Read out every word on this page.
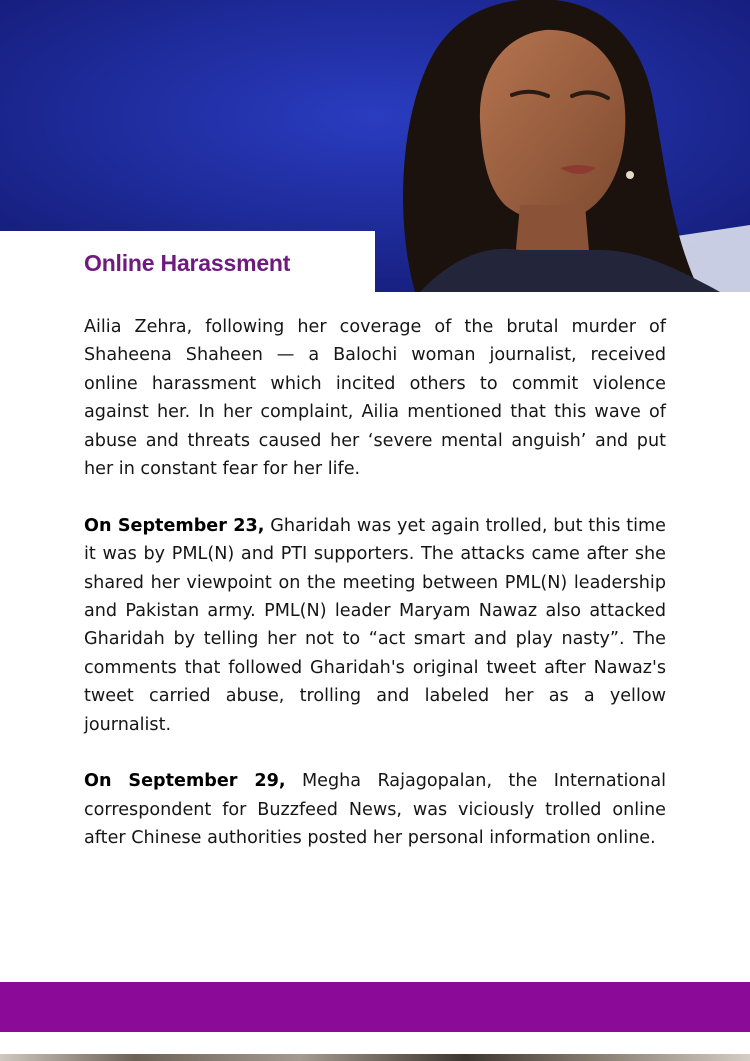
Online Harassment

Ailia Zehra, following her coverage of the brutal murder of Shaheena Shaheen — a Balochi woman journalist, received online harassment which incited others to commit violence against her. In her complaint, Ailia mentioned that this wave of abuse and threats caused her ‘severe mental anguish’ and put her in constant fear for her life.

On September 23, Gharidah was yet again trolled, but this time it was by PML(N) and PTI supporters. The attacks came after she shared her viewpoint on the meeting between PML(N) leadership and Pakistan army. PML(N) leader Maryam Nawaz also attacked Gharidah by telling her not to “act smart and play nasty”. The comments that followed Gharidah's original tweet after Nawaz's tweet carried abuse, trolling and labeled her as a yellow journalist.

On September 29, Megha Rajagopalan, the International correspondent for Buzzfeed News, was viciously trolled online after Chinese authorities posted her personal information online.
